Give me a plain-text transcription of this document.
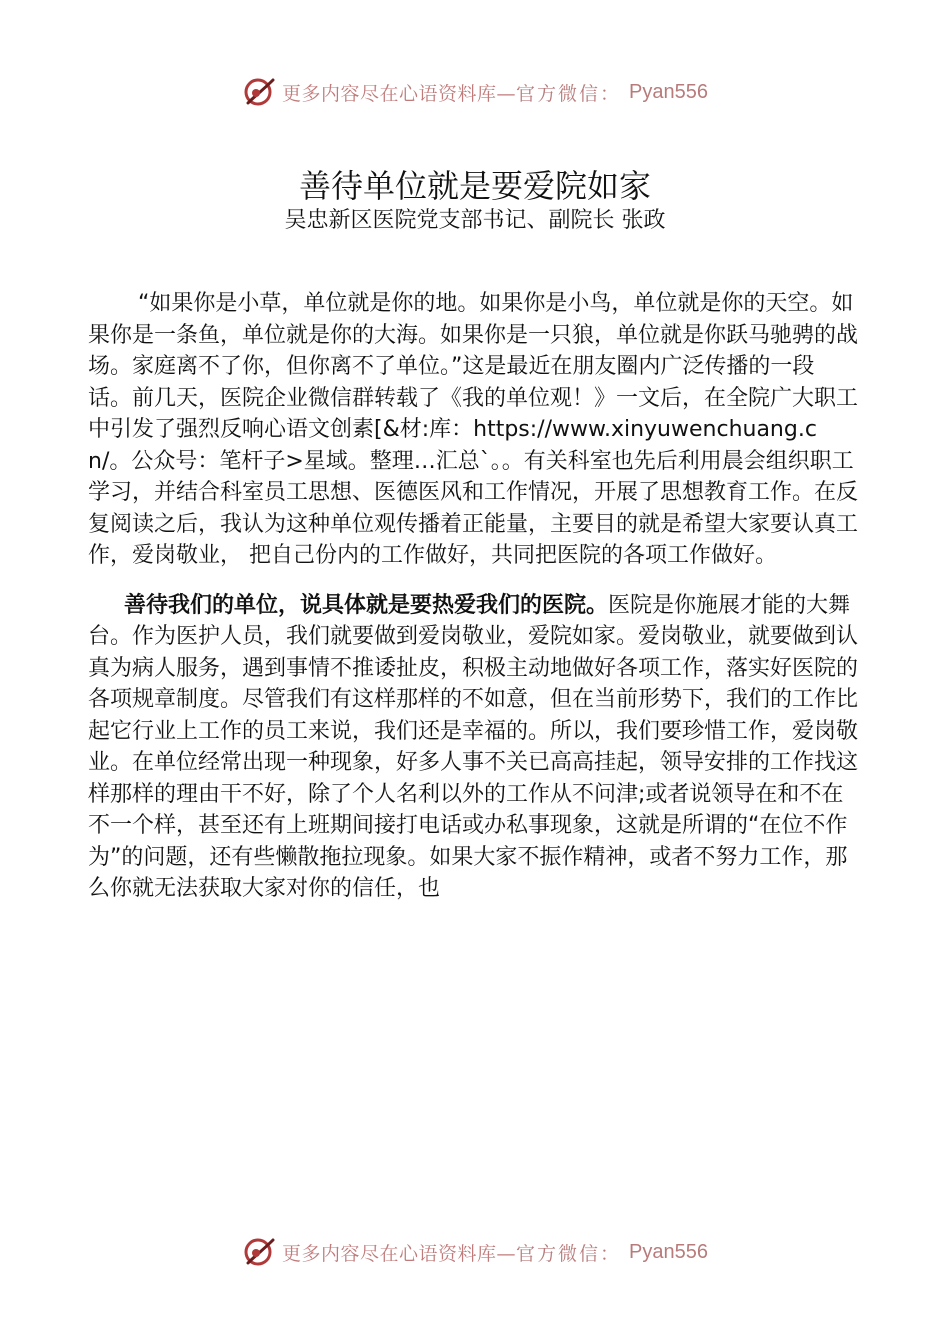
更多内容尽在心语资料库— 官方微信： Pyan556
善待单位就是要爱院如家
吴忠新区医院党支部书记、副院长 张政

“如果你是小草，单位就是你的地。如果你是小鸟，单位就是你的天空。如果你是一条鱼，单位就是你的大海。如果你是一只狼，单位就是你跃马驰骋的战场。家庭离不了你，但你离不了单位。”这是最近在朋友圈内广泛传播的一段话。前几天，医院企业微信群转载了《我的单位观！》一文后，在全院广大职工中引发了强烈反响心语文创素[&材:库：https://www.xinyuwenchuang.cn/。公众号：笔杆子>星域。整理…汇总`。。有关科室也先后利用晨会组织职工学习，并结合科室员工思想、医德医风和工作情况，开展了思想教育工作。在反复阅读之后，我认为这种单位观传播着正能量，主要目的就是希望大家要认真工作，爱岗敬业， 把自己份内的工作做好，共同把医院的各项工作做好。

善待我们的单位，说具体就是要热爱我们的医院。医院是你施展才能的大舞台。作为医护人员，我们就要做到爱岗敬业，爱院如家。爱岗敬业，就要做到认真为病人服务，遇到事情不推诿扯皮，积极主动地做好各项工作，落实好医院的各项规章制度。尽管我们有这样那样的不如意，但在当前形势下，我们的工作比起它行业上工作的员工来说，我们还是幸福的。所以，我们要珍惜工作，爱岗敬业。在单位经常出现一种现象，好多人事不关已高高挂起，领导安排的工作找这样那样的理由干不好，除了个人名利以外的工作从不问津;或者说领导在和不在不一个样，甚至还有上班期间接打电话或办私事现象，这就是所谓的“在位不作为”的问题，还有些懒散拖拉现象。如果大家不振作精神，或者不努力工作，那么你就无法获取大家对你的信任，也

更多内容尽在心语资料库— 官方微信： Pyan556
